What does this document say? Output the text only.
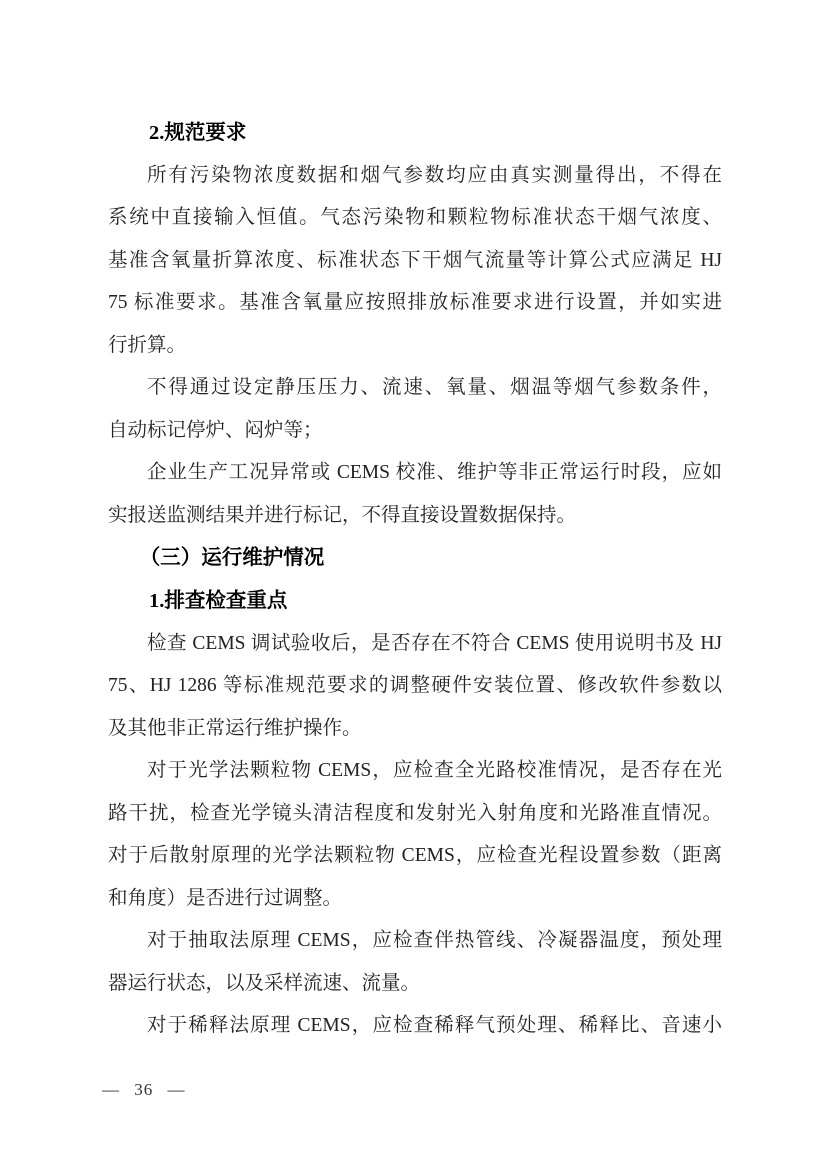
2.规范要求
所有污染物浓度数据和烟气参数均应由真实测量得出，不得在
系统中直接输入恒值。气态污染物和颗粒物标准状态干烟气浓度、
基准含氧量折算浓度、标准状态下干烟气流量等计算公式应满足 HJ
75 标准要求。基准含氧量应按照排放标准要求进行设置，并如实进
行折算。
不得通过设定静压压力、流速、氧量、烟温等烟气参数条件，
自动标记停炉、闷炉等；
企业生产工况异常或 CEMS 校准、维护等非正常运行时段，应如
实报送监测结果并进行标记，不得直接设置数据保持。
（三）运行维护情况
1.排查检查重点
检查 CEMS 调试验收后，是否存在不符合 CEMS 使用说明书及 HJ
75、HJ 1286 等标准规范要求的调整硬件安装位置、修改软件参数以
及其他非正常运行维护操作。
对于光学法颗粒物 CEMS，应检查全光路校准情况，是否存在光
路干扰，检查光学镜头清洁程度和发射光入射角度和光路准直情况。
对于后散射原理的光学法颗粒物 CEMS，应检查光程设置参数（距离
和角度）是否进行过调整。
对于抽取法原理 CEMS，应检查伴热管线、冷凝器温度，预处理
器运行状态，以及采样流速、流量。
对于稀释法原理 CEMS，应检查稀释气预处理、稀释比、音速小
— 36 —
